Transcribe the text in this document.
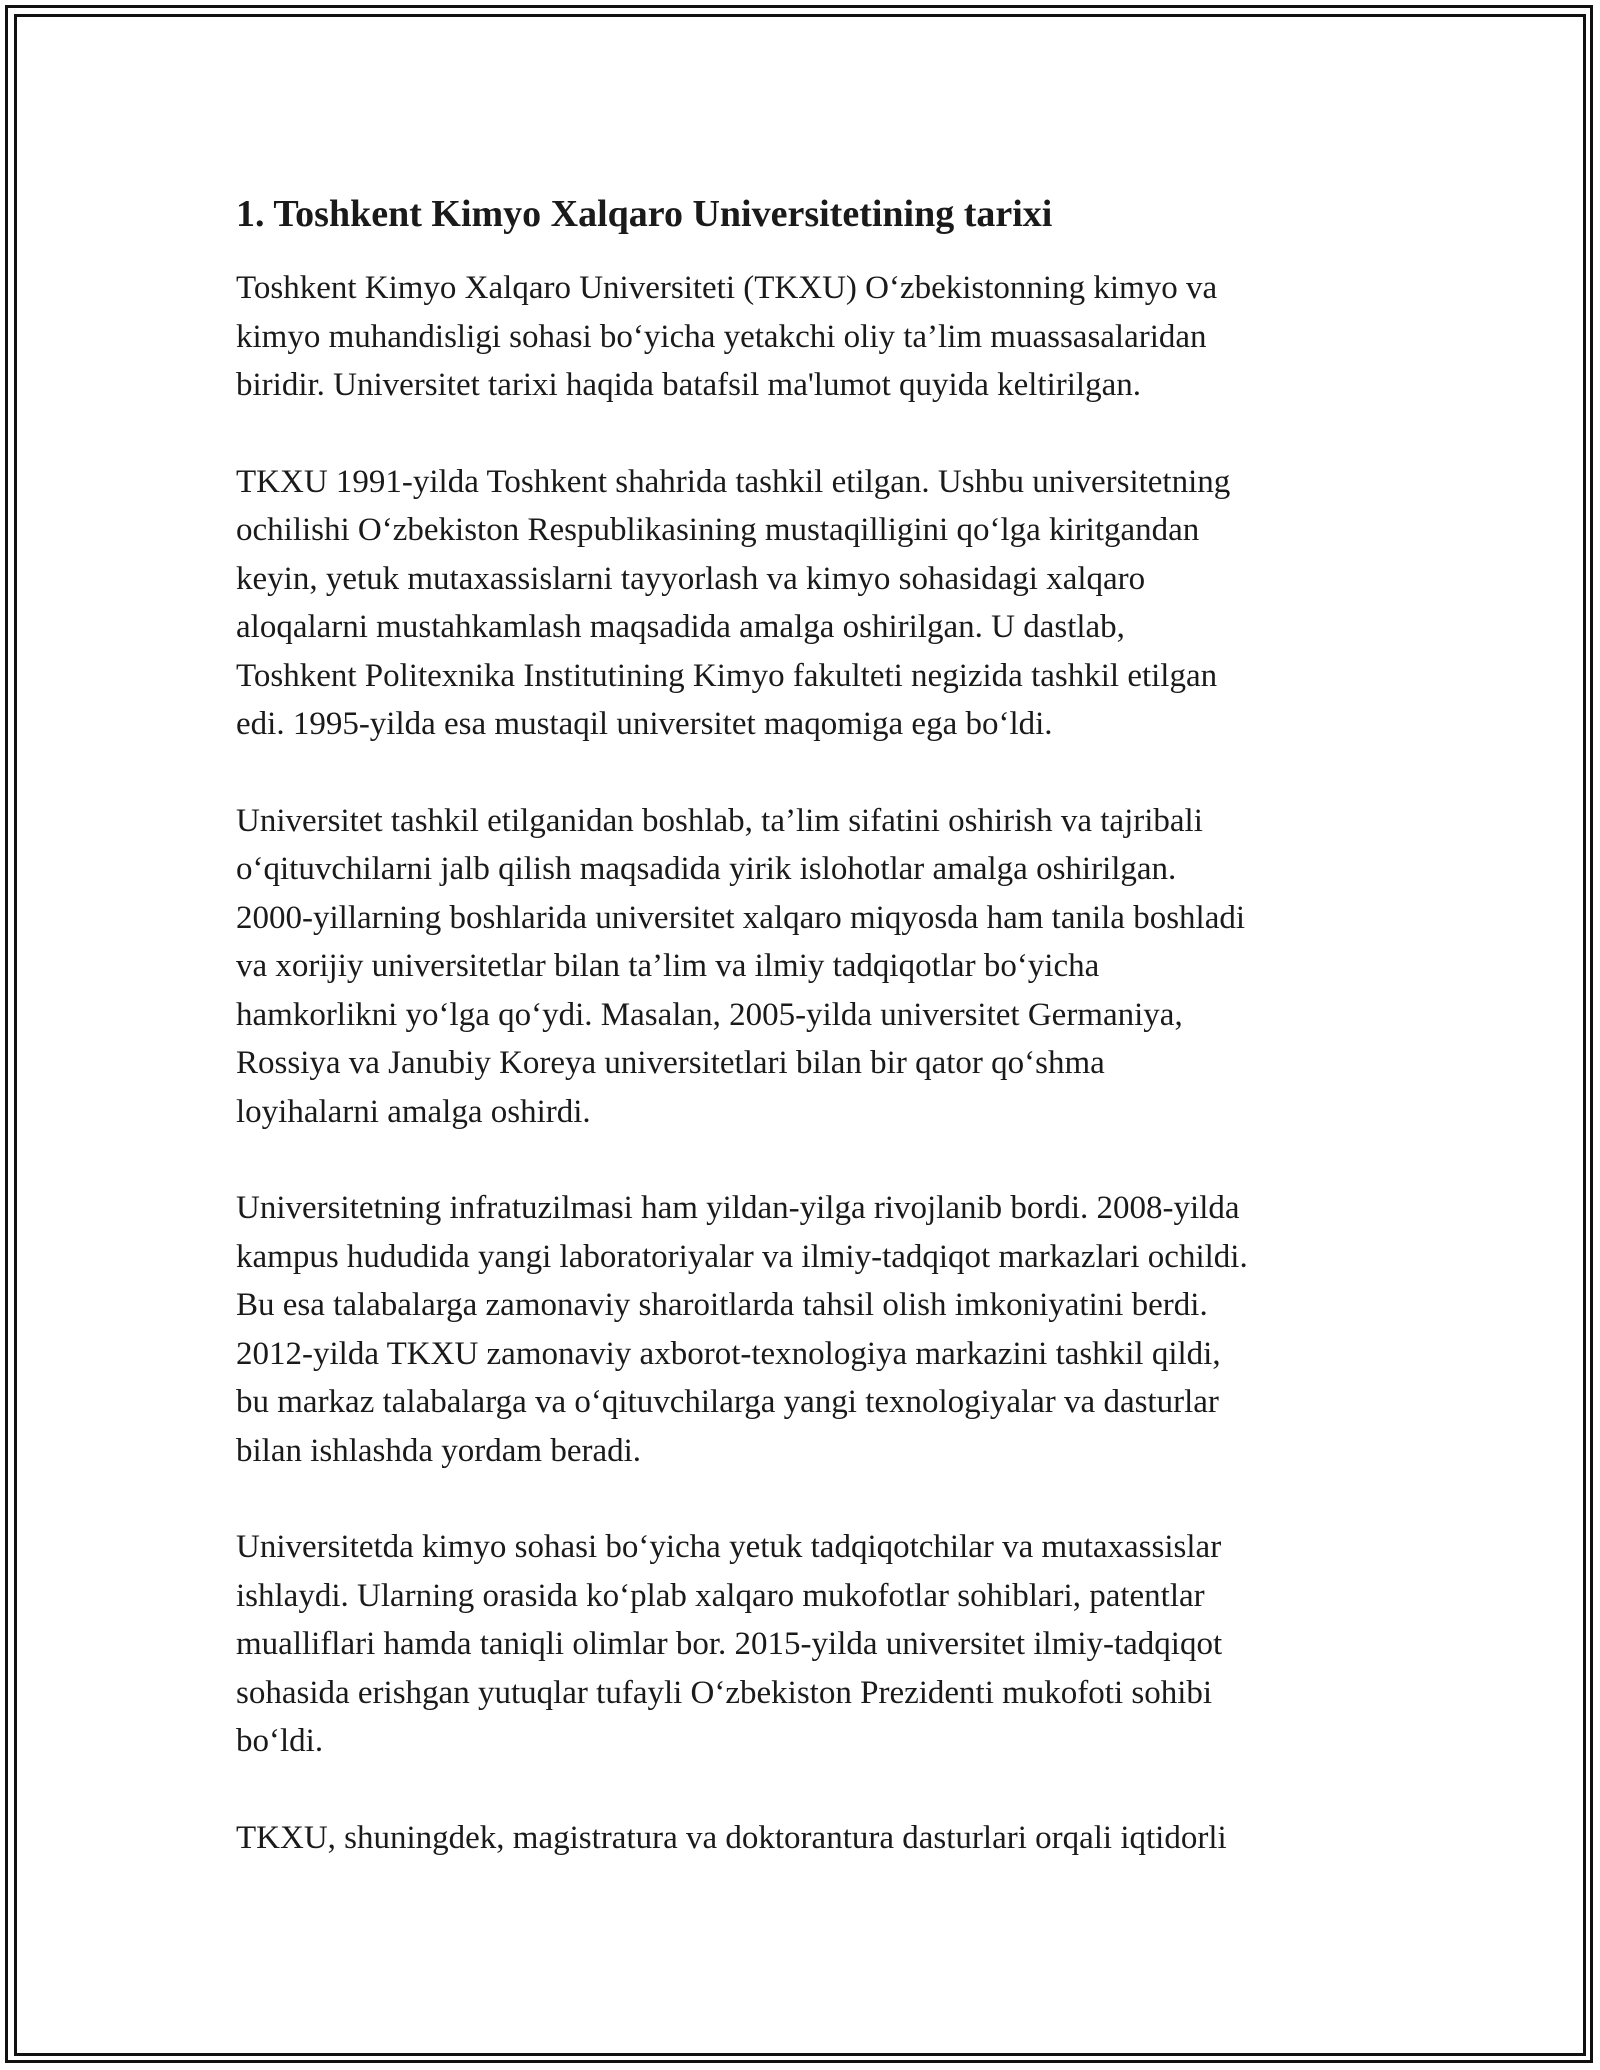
1. Toshkent Kimyo Xalqaro Universitetining tarixi
Toshkent Kimyo Xalqaro Universiteti (TKXU) O‘zbekistonning kimyo va
kimyo muhandisligi sohasi bo‘yicha yetakchi oliy ta’lim muassasalaridan
biridir. Universitet tarixi haqida batafsil ma'lumot quyida keltirilgan.
TKXU 1991-yilda Toshkent shahrida tashkil etilgan. Ushbu universitetning
ochilishi O‘zbekiston Respublikasining mustaqilligini qo‘lga kiritgandan
keyin, yetuk mutaxassislarni tayyorlash va kimyo sohasidagi xalqaro
aloqalarni mustahkamlash maqsadida amalga oshirilgan. U dastlab,
Toshkent Politexnika Institutining Kimyo fakulteti negizida tashkil etilgan
edi. 1995-yilda esa mustaqil universitet maqomiga ega bo‘ldi.
Universitet tashkil etilganidan boshlab, ta’lim sifatini oshirish va tajribali
o‘qituvchilarni jalb qilish maqsadida yirik islohotlar amalga oshirilgan.
2000-yillarning boshlarida universitet xalqaro miqyosda ham tanila boshladi
va xorijiy universitetlar bilan ta’lim va ilmiy tadqiqotlar bo‘yicha
hamkorlikni yo‘lga qo‘ydi. Masalan, 2005-yilda universitet Germaniya,
Rossiya va Janubiy Koreya universitetlari bilan bir qator qo‘shma
loyihalarni amalga oshirdi.
Universitetning infratuzilmasi ham yildan-yilga rivojlanib bordi. 2008-yilda
kampus hududida yangi laboratoriyalar va ilmiy-tadqiqot markazlari ochildi.
Bu esa talabalarga zamonaviy sharoitlarda tahsil olish imkoniyatini berdi.
2012-yilda TKXU zamonaviy axborot-texnologiya markazini tashkil qildi,
bu markaz talabalarga va o‘qituvchilarga yangi texnologiyalar va dasturlar
bilan ishlashda yordam beradi.
Universitetda kimyo sohasi bo‘yicha yetuk tadqiqotchilar va mutaxassislar
ishlaydi. Ularning orasida ko‘plab xalqaro mukofotlar sohiblari, patentlar
mualliflari hamda taniqli olimlar bor. 2015-yilda universitet ilmiy-tadqiqot
sohasida erishgan yutuqlar tufayli O‘zbekiston Prezidenti mukofoti sohibi
bo‘ldi.
TKXU, shuningdek, magistratura va doktorantura dasturlari orqali iqtidorli
